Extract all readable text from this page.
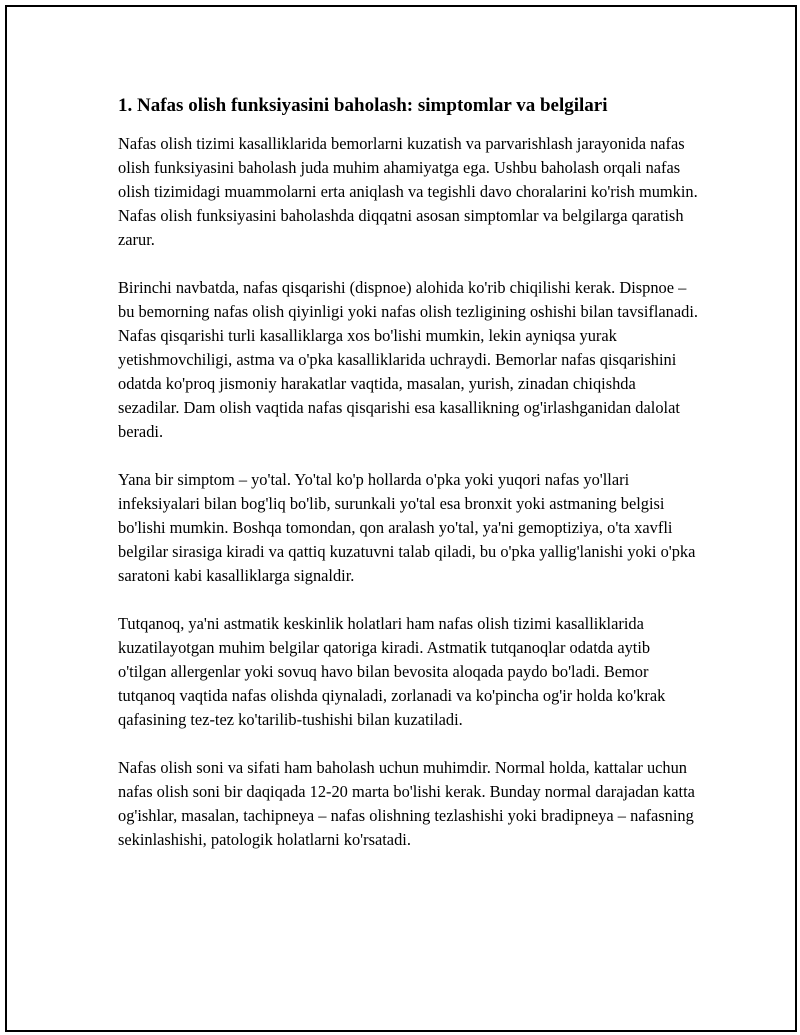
1. Nafas olish funksiyasini baholash: simptomlar va belgilari

Nafas olish tizimi kasalliklarida bemorlarni kuzatish va parvarishlash jarayonida nafas olish funksiyasini baholash juda muhim ahamiyatga ega. Ushbu baholash orqali nafas olish tizimidagi muammolarni erta aniqlash va tegishli davo choralarini ko'rish mumkin. Nafas olish funksiyasini baholashda diqqatni asosan simptomlar va belgilarga qaratish zarur.

Birinchi navbatda, nafas qisqarishi (dispnoe) alohida ko'rib chiqilishi kerak. Dispnoe – bu bemorning nafas olish qiyinligi yoki nafas olish tezligining oshishi bilan tavsiflanadi. Nafas qisqarishi turli kasalliklarga xos bo'lishi mumkin, lekin ayniqsa yurak yetishmovchiligi, astma va o'pka kasalliklarida uchraydi. Bemorlar nafas qisqarishini odatda ko'proq jismoniy harakatlar vaqtida, masalan, yurish, zinadan chiqishda sezadilar. Dam olish vaqtida nafas qisqarishi esa kasallikning og'irlashganidan dalolat beradi.

Yana bir simptom – yo'tal. Yo'tal ko'p hollarda o'pka yoki yuqori nafas yo'llari infeksiyalari bilan bog'liq bo'lib, surunkali yo'tal esa bronxit yoki astmaning belgisi bo'lishi mumkin. Boshqa tomondan, qon aralash yo'tal, ya'ni gemoptiziya, o'ta xavfli belgilar sirasiga kiradi va qattiq kuzatuvni talab qiladi, bu o'pka yallig'lanishi yoki o'pka saratoni kabi kasalliklarga signaldir.

Tutqanoq, ya'ni astmatik keskinlik holatlari ham nafas olish tizimi kasalliklarida kuzatilayotgan muhim belgilar qatoriga kiradi. Astmatik tutqanoqlar odatda aytib o'tilgan allergenlar yoki sovuq havo bilan bevosita aloqada paydo bo'ladi. Bemor tutqanoq vaqtida nafas olishda qiynaladi, zorlanadi va ko'pincha og'ir holda ko'krak qafasining tez-tez ko'tarilib-tushishi bilan kuzatiladi.

Nafas olish soni va sifati ham baholash uchun muhimdir. Normal holda, kattalar uchun nafas olish soni bir daqiqada 12-20 marta bo'lishi kerak. Bunday normal darajadan katta og'ishlar, masalan, tachipneya – nafas olishning tezlashishi yoki bradipneya – nafasning sekinlashishi, patologik holatlarni ko'rsatadi.
